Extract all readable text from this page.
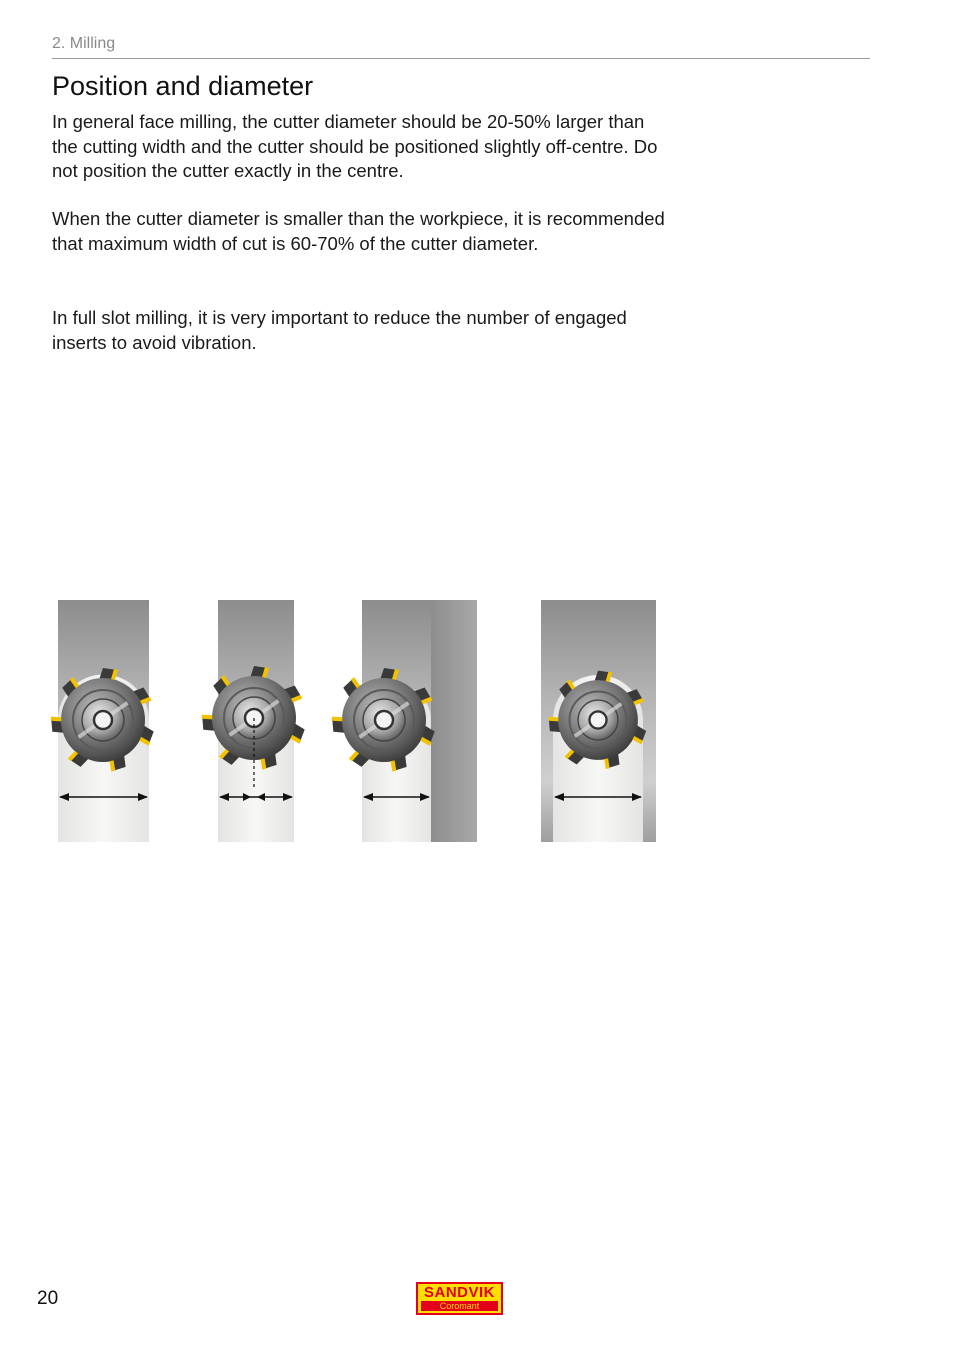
2. Milling
Position and diameter

In general face milling, the cutter diameter should be 20-50% larger than the cutting width and the cutter should be positioned slightly off-centre. Do not position the cutter exactly in the centre.

When the cutter diameter is smaller than the workpiece, it is recommended that maximum width of cut is 60-70% of the cutter diameter.

In full slot milling, it is very important to reduce the number of engaged inserts to avoid vibration.

20	SANDVIK
Coromant
